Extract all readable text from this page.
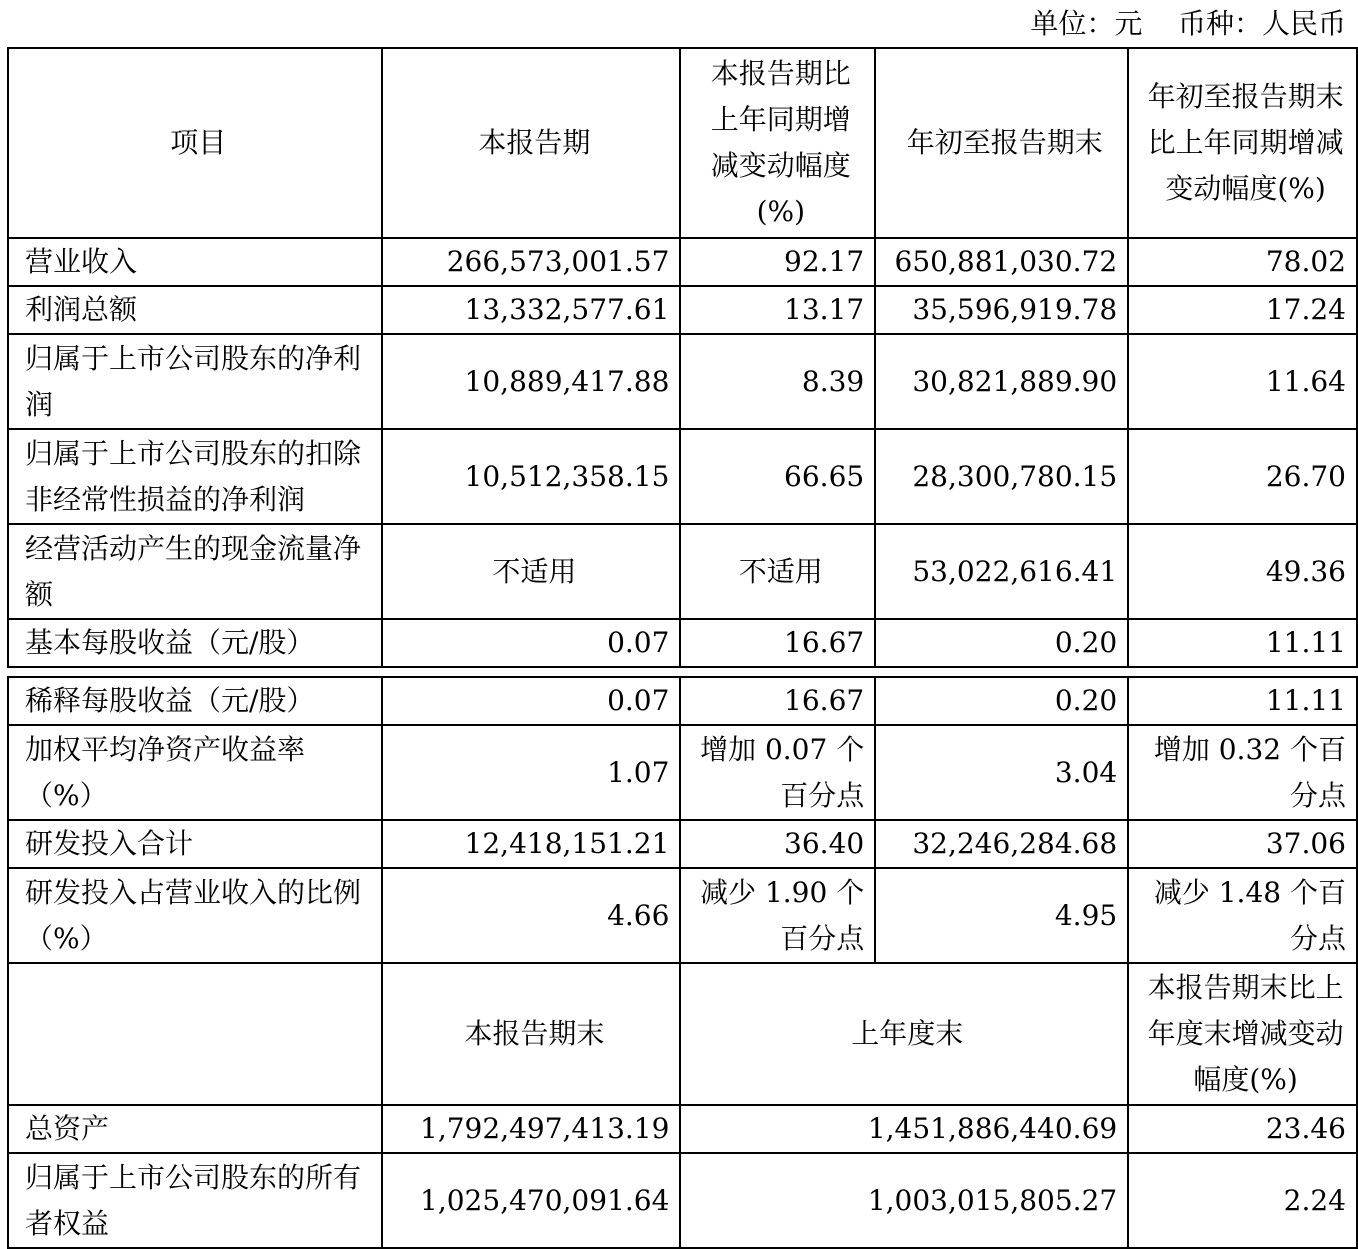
单位：元    币种：人民币
项目	本报告期	本报告期比上年同期增减变动幅度(%)	年初至报告期末	年初至报告期末比上年同期增减变动幅度(%)
营业收入	266,573,001.57	92.17	650,881,030.72	78.02
利润总额	13,332,577.61	13.17	35,596,919.78	17.24
归属于上市公司股东的净利润	10,889,417.88	8.39	30,821,889.90	11.64
归属于上市公司股东的扣除非经常性损益的净利润	10,512,358.15	66.65	28,300,780.15	26.70
经营活动产生的现金流量净额	不适用	不适用	53,022,616.41	49.36
基本每股收益（元/股）	0.07	16.67	0.20	11.11

稀释每股收益（元/股）	0.07	16.67	0.20	11.11
加权平均净资产收益率（%）	1.07	增加 0.07 个百分点	3.04	增加 0.32 个百分点
研发投入合计	12,418,151.21	36.40	32,246,284.68	37.06
研发投入占营业收入的比例（%）	4.66	减少 1.90 个百分点	4.95	减少 1.48 个百分点
	本报告期末	上年度末		本报告期末比上年度末增减变动幅度(%)
总资产	1,792,497,413.19	1,451,886,440.69		23.46
归属于上市公司股东的所有者权益	1,025,470,091.64	1,003,015,805.27		2.24
